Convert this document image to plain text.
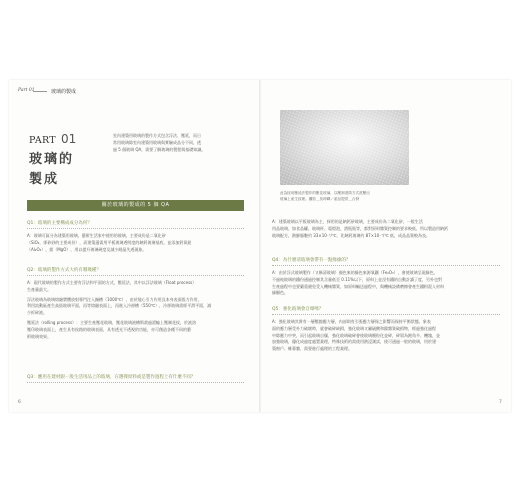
Part 01	玻璃的製成
PART 01
玻璃的
製成
室內建築用玻璃的製作方式包含浮法、壓延，而日
常用玻璃除室內建築用玻璃與實驗成品分不同，透
過 5 個玻璃 QA，需要了解玻璃的製程與基礎知識。
關於玻璃的製成的 5 個 QA
Q1：玻璃的主要構成成分為何？
A：玻璃可區分為建築用玻璃，藝術生活家中使用的玻璃，主要成份是二氧化矽
（SiO₂，即矽砂的主要成份），而建築還需用平板玻璃透明度的鈉鈣玻璃基底，並添加鈣氧鋁
（Al₂O₃）、鎂（MgO），用以提升玻璃硬度及減少耐晶失透現象。
Q2：玻璃的製作方式大約有哪幾種？
A：現代玻璃的製作方式主要有浮法和平面的方式，壓延法，其中以浮法玻璃（Float process）
生產量最大。
浮法玻璃為玻璃熔融漿體放射專門注入錫槽（1000℃），由於地心引力作用及本身表面張力作用，
利用流動區產生高級玻璃平面，再等熔融表面上，再進入冷卻槽（550℃），冷卻玻璃需經平滑平面，減
少拆碎液。
壓延法（rolling process）：主要生產壓花玻璃，壓花玻璃液槽斯裁過滾輪上壓制花紋，於液溶
壓印玻璃表面上，產生具有紋路的玻璃表面，具有透光不透視的功能，亦可創造各種不同的藝
術玻璃效果。
Q3：應用在建材跟一般生活用品上的玻璃，在選擇原料或是製作過程上有什麼不同？
6
此為採用壓延法製作的壓花玻璃，以壓制滾筒方式滾壓出
玻璃上產生紋理。攝影＿吳坤暉／產品提供＿合發
A：建築玻璃以平板玻璃為主，採用的是鈉鈣矽玻璃，主要成份為二氧化矽，一般生活
用品玻璃，如食品罐、玻璃杯、電燈泡、酒瓶瓶等，都對原料雜質控制的要求較低，所以製造用鈉鈣
玻璃配方，熱膨脹數約 33×10⁻⁷/℃，比鈉鈣玻璃約 87×10⁻⁷/℃ 低，成品品質較為良。
Q4：為什麼清玻璃會帶有一點綠綠的？
A：由於浮式玻璃製作（又稱清玻璃）顏色來的綠色來源氧鐵（Fe₂O₃），會使玻璃呈現綠色，
不過純玻璃的鐵份通過控制其含量低至 0.11%以下，原料上並沒有鐵的自動計讀了度，另外也對
生產過程中也要嚴重避免受入機械雜質，如原料輸送過程中，與機械設備磨擦會產生鐵粉混入材料
綠顯色。
Q5：強化玻璃會自爆嗎？
A：強化玻璃其實有一層壓縮應力層，內部則有引張應力層保之影響而保持平衡狀態，象表
面的應力層受外力破壞時，就會破碎缺損，強化玻璃又屬硫酸和鎳雜質破損物，經過強化過程
中除應力中突，而引起玻璃自爆，強化玻璃破碎會使玻璃顆粒化並碎，碎屑為鈍角多、機塊，並
加強玻璃，優化成過度處置業理，特殊技術的需使用熱浸測試，使可通過一般的玻璃，用於建
築窗戶、帷幕牆，需要進行處理的工程業理。
7
